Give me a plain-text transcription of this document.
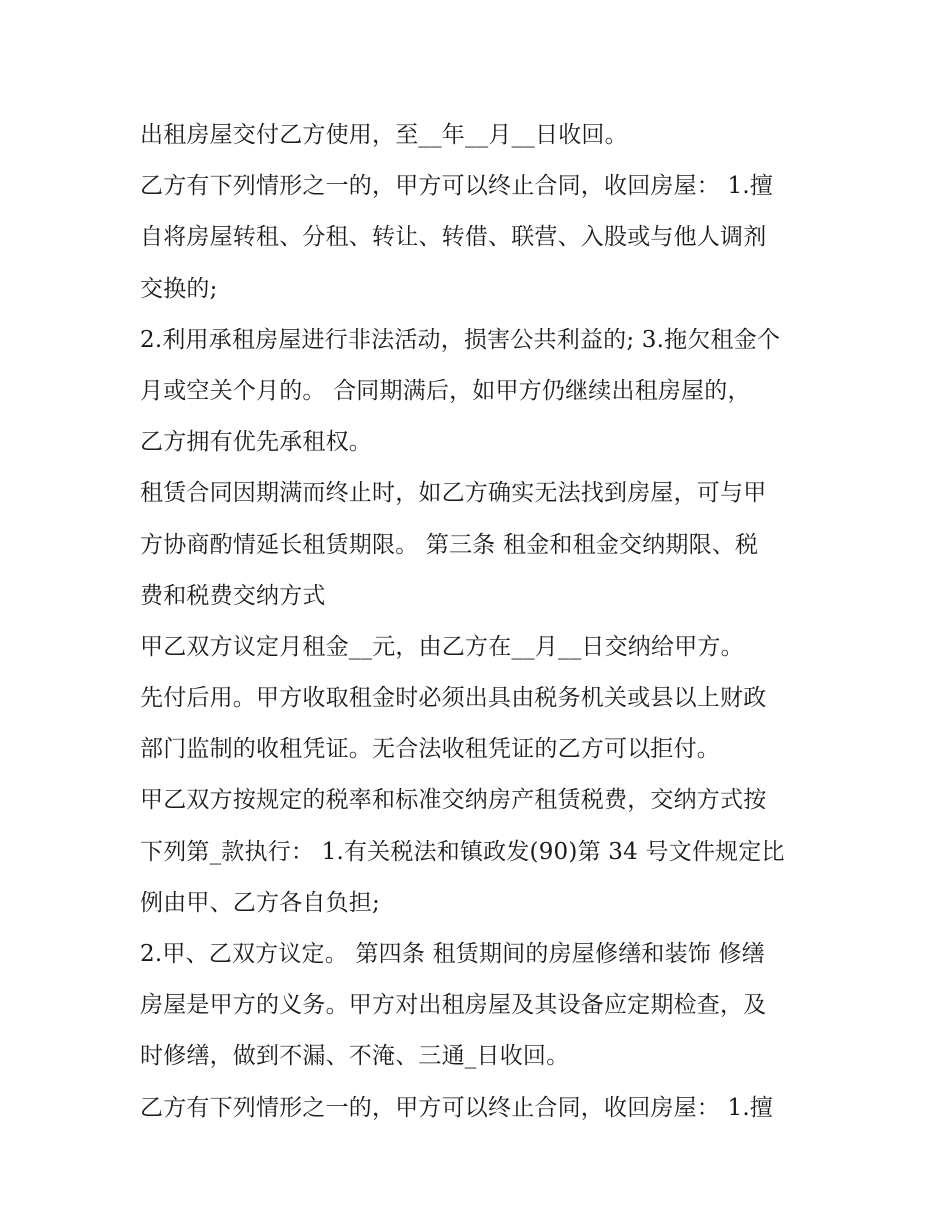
出租房屋交付乙方使用，至__年__月__日收回。
乙方有下列情形之一的，甲方可以终止合同，收回房屋： 1.擅
自将房屋转租、分租、转让、转借、联营、入股或与他人调剂
交换的;
2.利用承租房屋进行非法活动，损害公共利益的; 3.拖欠租金个
月或空关个月的。 合同期满后，如甲方仍继续出租房屋的，
乙方拥有优先承租权。
租赁合同因期满而终止时，如乙方确实无法找到房屋，可与甲
方协商酌情延长租赁期限。 第三条 租金和租金交纳期限、税
费和税费交纳方式
甲乙双方议定月租金__元，由乙方在__月__日交纳给甲方。
先付后用。甲方收取租金时必须出具由税务机关或县以上财政
部门监制的收租凭证。无合法收租凭证的乙方可以拒付。
甲乙双方按规定的税率和标准交纳房产租赁税费，交纳方式按
下列第_款执行： 1.有关税法和镇政发(90)第 34 号文件规定比
例由甲、乙方各自负担;
2.甲、乙双方议定。 第四条 租赁期间的房屋修缮和装饰 修缮
房屋是甲方的义务。甲方对出租房屋及其设备应定期检查，及
时修缮，做到不漏、不淹、三通_日收回。
乙方有下列情形之一的，甲方可以终止合同，收回房屋： 1.擅
